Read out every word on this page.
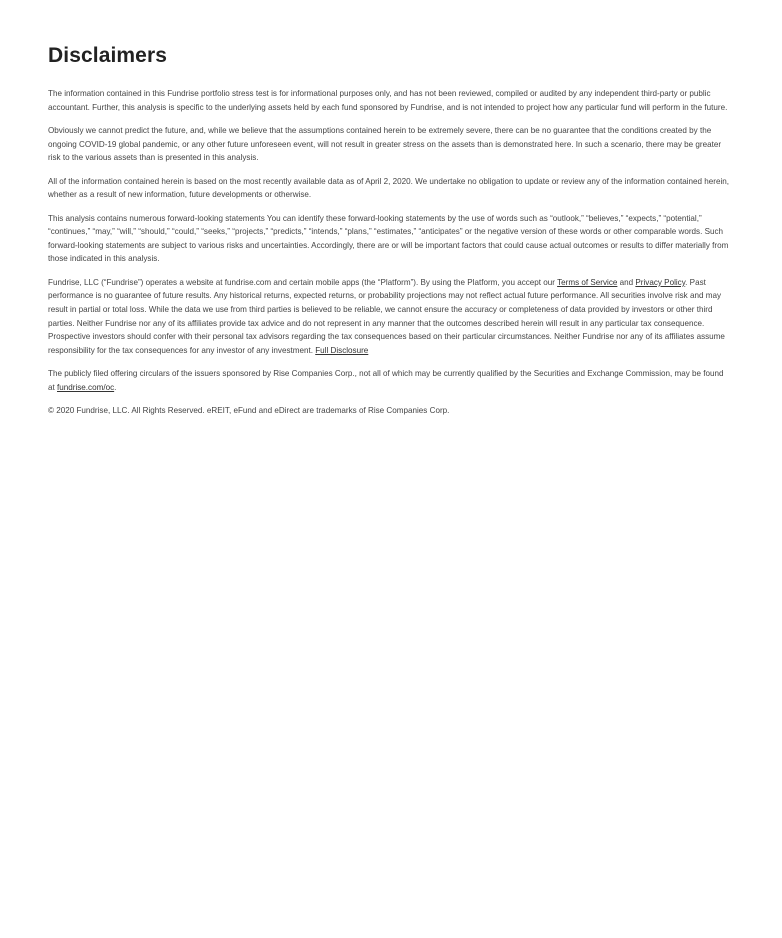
Disclaimers

The information contained in this Fundrise portfolio stress test is for informational purposes only, and has not been reviewed, compiled or audited by any independent third-party or public accountant. Further, this analysis is specific to the underlying assets held by each fund sponsored by Fundrise, and is not intended to project how any particular fund will perform in the future.

Obviously we cannot predict the future, and, while we believe that the assumptions contained herein to be extremely severe, there can be no guarantee that the conditions created by the ongoing COVID-19 global pandemic, or any other future unforeseen event, will not result in greater stress on the assets than is demonstrated here. In such a scenario, there may be greater risk to the various assets than is presented in this analysis.

All of the information contained herein is based on the most recently available data as of April 2, 2020. We undertake no obligation to update or review any of the information contained herein, whether as a result of new information, future developments or otherwise.

This analysis contains numerous forward-looking statements You can identify these forward-looking statements by the use of words such as “outlook,” “believes,” “expects,” “potential,” “continues,” “may,” “will,” “should,” “could,” “seeks,” “projects,” “predicts,” “intends,” “plans,” “estimates,” “anticipates” or the negative version of these words or other comparable words. Such forward-looking statements are subject to various risks and uncertainties. Accordingly, there are or will be important factors that could cause actual outcomes or results to differ materially from those indicated in this analysis.

Fundrise, LLC (“Fundrise”) operates a website at fundrise.com and certain mobile apps (the “Platform”). By using the Platform, you accept our Terms of Service and Privacy Policy. Past performance is no guarantee of future results. Any historical returns, expected returns, or probability projections may not reflect actual future performance. All securities involve risk and may result in partial or total loss. While the data we use from third parties is believed to be reliable, we cannot ensure the accuracy or completeness of data provided by investors or other third parties. Neither Fundrise nor any of its affiliates provide tax advice and do not represent in any manner that the outcomes described herein will result in any particular tax consequence. Prospective investors should confer with their personal tax advisors regarding the tax consequences based on their particular circumstances. Neither Fundrise nor any of its affiliates assume responsibility for the tax consequences for any investor of any investment. Full Disclosure

The publicly filed offering circulars of the issuers sponsored by Rise Companies Corp., not all of which may be currently qualified by the Securities and Exchange Commission, may be found at fundrise.com/oc.

© 2020 Fundrise, LLC. All Rights Reserved. eREIT, eFund and eDirect are trademarks of Rise Companies Corp.
